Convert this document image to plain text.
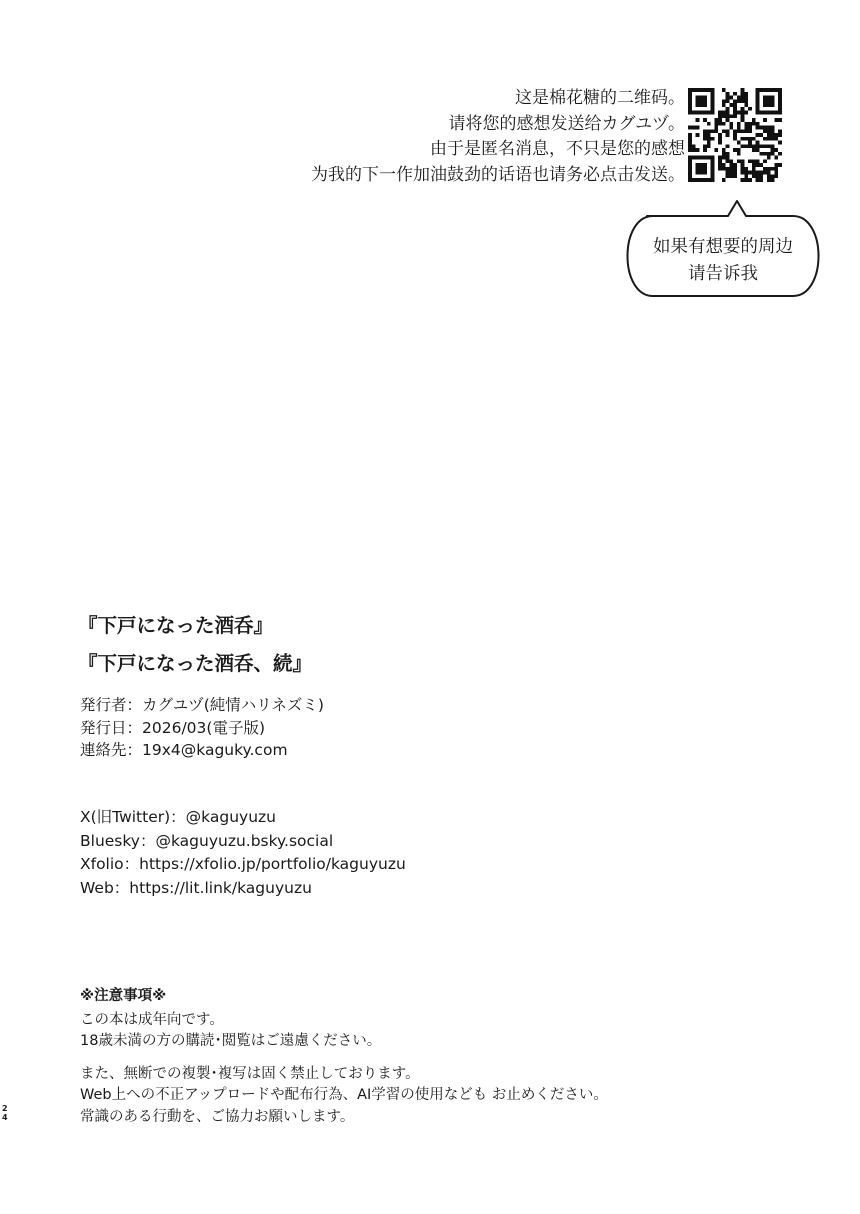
这是棉花糖的二维码。
请将您的感想发送给カグユヅ。
由于是匿名消息，不只是您的感想
为我的下一作加油鼓劲的话语也请务必点击发送。
如果有想要的周边
请告诉我
『下戸になった酒呑』
『下戸になった酒呑、続』
発行者：カグユヅ(純情ハリネズミ)
発行日：2026/03(電子版)
連絡先：19x4@kaguky.com
X(旧Twitter)：@kaguyuzu
Bluesky：@kaguyuzu.bsky.social
Xfolio：https://xfolio.jp/portfolio/kaguyuzu
Web：https://lit.link/kaguyuzu
※注意事項※
この本は成年向です。
18歳未満の方の購読･閲覧はご遠慮ください。
また、無断での複製･複写は固く禁止しております。
Web上への不正アップロードや配布行為、AI学習の使用なども お止めください。
常識のある行動を、ご協力お願いします。
2
4
